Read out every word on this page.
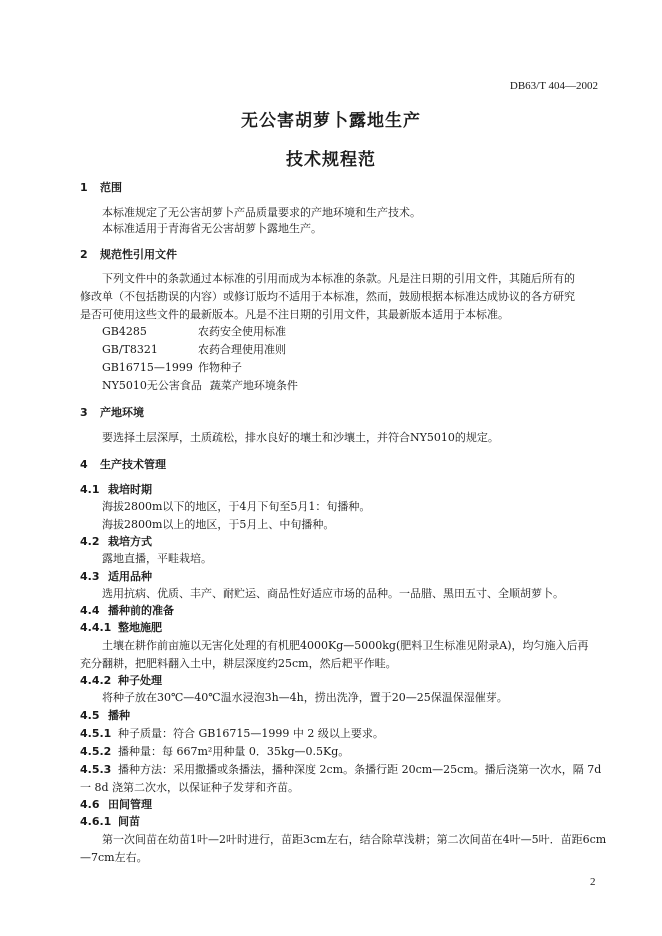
DB63/T 404—2002
无公害胡萝卜露地生产
技术规程范
1 范围
本标准规定了无公害胡萝卜产品质量要求的产地环境和生产技术。
本标准适用于青海省无公害胡萝卜露地生产。
2 规范性引用文件
下列文件中的条款通过本标准的引用而成为本标准的条款。凡是注日期的引用文件，其随后所有的
修改单（不包括勘误的内容）或修订版均不适用于本标准，然而，鼓励根据本标准达成协议的各方研究
是否可使用这些文件的最新版本。凡是不注日期的引用文件，其最新版本适用于本标准。
GB4285	农药安全使用标准
GB/T8321	农药合理使用准则
GB16715—1999 作物种子
NY5010无公害食品 蔬菜产地环境条件
3 产地环境
要选择土层深厚，土质疏松，排水良好的壤土和沙壤土，并符合NY5010的规定。
4 生产技术管理
4.1 栽培时期
海拔2800m以下的地区，于4月下旬至5月1：旬播种。
海拔2800m以上的地区，于5月上、中旬播种。
4.2 栽培方式
露地直播，平畦栽培。
4.3 适用品种
选用抗病、优质、丰产、耐贮运、商品性好适应市场的品种。一品腊、黑田五寸、全顺胡萝卜。
4.4 播种前的准备
4.4.1 整地施肥
土壤在耕作前亩施以无害化处理的有机肥4000Kg—5000kg(肥料卫生标准见附录A)，均匀施入后再
充分翻耕，把肥料翻入土中，耕层深度约25cm，然后耙平作畦。
4.4.2 种子处理
将种子放在30℃—40℃温水浸泡3h—4h，捞出洗净，置于20—25保温保湿催芽。
4.5 播种
4.5.1 种子质量：符合 GB16715—1999 中 2 级以上要求。
4.5.2 播种量：每 667m²用种量 0．35kg—0.5Kg。
4.5.3 播种方法：采用撒播或条播法，播种深度 2cm。条播行距 20cm—25cm。播后浇第一次水，隔 7d
一 8d 浇第二次水，以保证种子发芽和齐苗。
4.6 田间管理
4.6.1 间苗
第一次间苗在幼苗1叶—2叶时进行，苗距3cm左右，结合除草浅耕；第二次间苗在4叶—5叶．苗距6cm
—7cm左右。
2
